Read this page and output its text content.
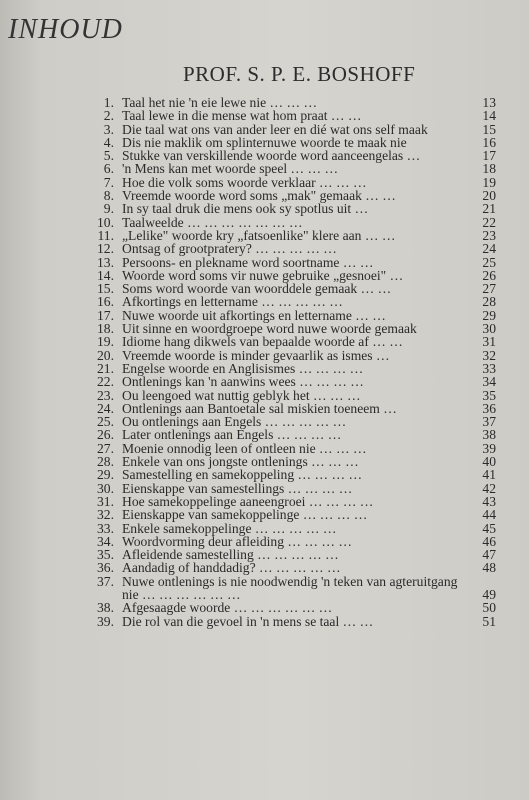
INHOUD
PROF. S. P. E. BOSHOFF
1. Taal het nie 'n eie lewe nie … … …	13
2. Taal lewe in die mense wat hom praat … …	14
3. Die taal wat ons van ander leer en dié wat ons self maak	15
4. Dis nie maklik om splinternuwe woorde te maak nie	16
5. Stukke van verskillende woorde word aanceengelas …	17
6. 'n Mens kan met woorde speel … … …	18
7. Hoe die volk soms woorde verklaar … … …	19
8. Vreemde woorde word soms „mak" gemaak … …	20
9. In sy taal druk die mens ook sy spotlus uit …	21
10. Taalweelde … … … … … … …	22
11. „Lelike" woorde kry „fatsoenlike" klere aan … …	23
12. Ontsag of grootpratery? … … … … …	24
13. Persoons- en plekname word soortname … …	25
14. Woorde word soms vir nuwe gebruike „gesnoei" …	26
15. Soms word woorde van woorddele gemaak … …	27
16. Afkortings en lettername … … … … …	28
17. Nuwe woorde uit afkortings en lettername … …	29
18. Uit sinne en woordgroepe word nuwe woorde gemaak	30
19. Idiome hang dikwels van bepaalde woorde af … …	31
20. Vreemde woorde is minder gevaarlik as ismes …	32
21. Engelse woorde en Anglisismes … … … …	33
22. Ontlenings kan 'n aanwins wees … … … …	34
23. Ou leengoed wat nuttig geblyk het … … …	35
24. Ontlenings aan Bantoetale sal miskien toeneem …	36
25. Ou ontlenings aan Engels … … … … …	37
26. Later ontlenings aan Engels … … … …	38
27. Moenie onnodig leen of ontleen nie … … …	39
28. Enkele van ons jongste ontlenings … … …	40
29. Samestelling en samekoppeling … … … …	41
30. Eienskappe van samestellings … … … …	42
31. Hoe samekoppelinge aaneengroei … … … …	43
32. Eienskappe van samekoppelinge … … … …	44
33. Enkele samekoppelinge … … … … …	45
34. Woordvorming deur afleiding … … … …	46
35. Afleidende samestelling … … … … …	47
36. Aandadig of handdadig? … … … … …	48
37. Nuwe ontlenings is nie noodwendig 'n teken van agteruitgang nie … … … … … …	49
38. Afgesaagde woorde … … … … … …	50
39. Die rol van die gevoel in 'n mens se taal … …	51
